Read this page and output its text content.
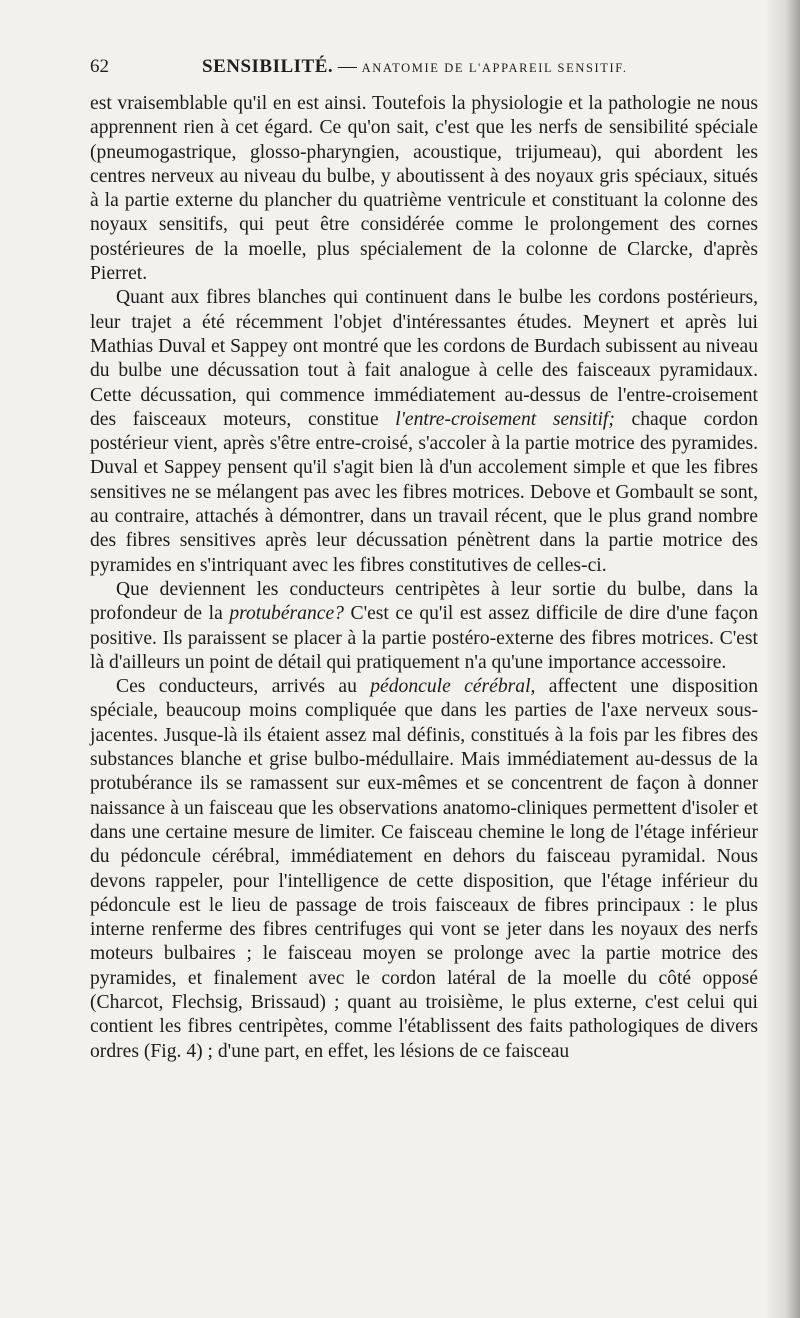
62	SENSIBILITÉ. — ANATOMIE DE L'APPAREIL SENSITIF.

est vraisemblable qu'il en est ainsi. Toutefois la physiologie et la pathologie ne nous apprennent rien à cet égard. Ce qu'on sait, c'est que les nerfs de sensibilité spéciale (pneumogastrique, glosso-pharyngien, acoustique, trijumeau), qui abordent les centres nerveux au niveau du bulbe, y aboutissent à des noyaux gris spéciaux, situés à la partie externe du plancher du quatrième ventricule et constituant la colonne des noyaux sensitifs, qui peut être considérée comme le prolongement des cornes postérieures de la moelle, plus spécialement de la colonne de Clarcke, d'après Pierret.

Quant aux fibres blanches qui continuent dans le bulbe les cordons postérieurs, leur trajet a été récemment l'objet d'intéressantes études. Meynert et après lui Mathias Duval et Sappey ont montré que les cordons de Burdach subissent au niveau du bulbe une décussation tout à fait analogue à celle des faisceaux pyramidaux. Cette décussation, qui commence immédiatement au-dessus de l'entre-croisement des faisceaux moteurs, constitue l'entre-croisement sensitif; chaque cordon postérieur vient, après s'être entre-croisé, s'accoler à la partie motrice des pyramides. Duval et Sappey pensent qu'il s'agit bien là d'un accolement simple et que les fibres sensitives ne se mélangent pas avec les fibres motrices. Debove et Gombault se sont, au contraire, attachés à démontrer, dans un travail récent, que le plus grand nombre des fibres sensitives après leur décussation pénètrent dans la partie motrice des pyramides en s'intriquant avec les fibres constitutives de celles-ci.

Que deviennent les conducteurs centripètes à leur sortie du bulbe, dans la profondeur de la protubérance? C'est ce qu'il est assez difficile de dire d'une façon positive. Ils paraissent se placer à la partie postéro-externe des fibres motrices. C'est là d'ailleurs un point de détail qui pratiquement n'a qu'une importance accessoire.

Ces conducteurs, arrivés au pédoncule cérébral, affectent une disposition spéciale, beaucoup moins compliquée que dans les parties de l'axe nerveux sous-jacentes. Jusque-là ils étaient assez mal définis, constitués à la fois par les fibres des substances blanche et grise bulbo-médullaire. Mais immédiatement au-dessus de la protubérance ils se ramassent sur eux-mêmes et se concentrent de façon à donner naissance à un faisceau que les observations anatomo-cliniques permettent d'isoler et dans une certaine mesure de limiter. Ce faisceau chemine le long de l'étage inférieur du pédoncule cérébral, immédiatement en dehors du faisceau pyramidal. Nous devons rappeler, pour l'intelligence de cette disposition, que l'étage inférieur du pédoncule est le lieu de passage de trois faisceaux de fibres principaux : le plus interne renferme des fibres centrifuges qui vont se jeter dans les noyaux des nerfs moteurs bulbaires ; le faisceau moyen se prolonge avec la partie motrice des pyramides, et finalement avec le cordon latéral de la moelle du côté opposé (Charcot, Flechsig, Brissaud) ; quant au troisième, le plus externe, c'est celui qui contient les fibres centripètes, comme l'établissent des faits pathologiques de divers ordres (Fig. 4) ; d'une part, en effet, les lésions de ce faisceau
